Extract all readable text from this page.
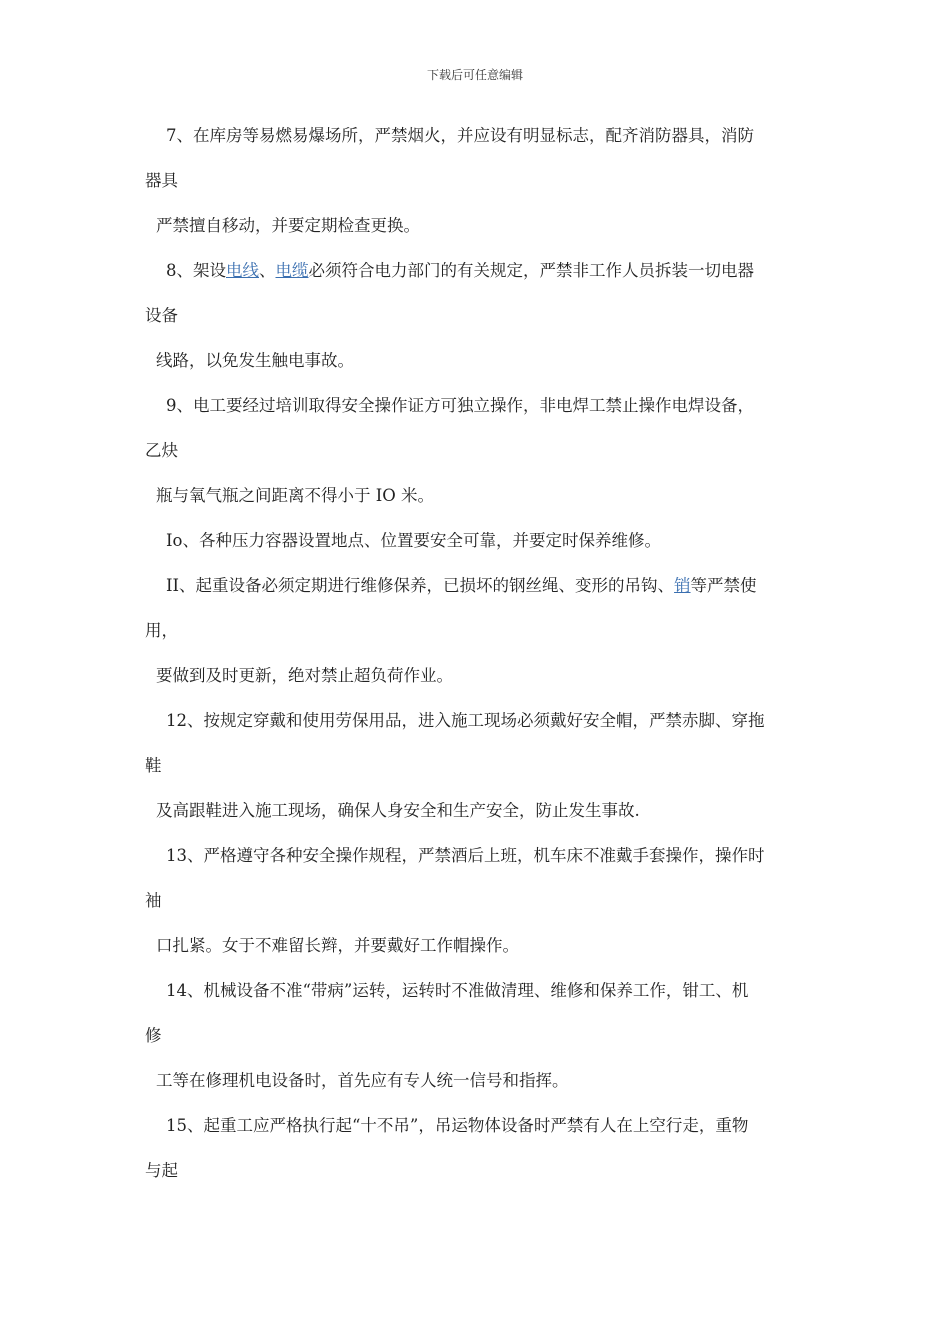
下载后可任意编辑
7、在库房等易燃易爆场所，严禁烟火，并应设有明显标志，配齐消防器具，消防
器具
严禁擅自移动，并要定期检查更换。
8、架设电线、电缆必须符合电力部门的有关规定，严禁非工作人员拆装一切电器
设备
线路，以免发生触电事故。
9、电工要经过培训取得安全操作证方可独立操作，非电焊工禁止操作电焊设备，
乙炔
瓶与氧气瓶之间距离不得小于 IO 米。
Io、各种压力容器设置地点、位置要安全可靠，并要定时保养维修。
II、起重设备必须定期进行维修保养，已损坏的钢丝绳、变形的吊钩、销等严禁使
用，
要做到及时更新，绝对禁止超负荷作业。
12、按规定穿戴和使用劳保用品，进入施工现场必须戴好安全帽，严禁赤脚、穿拖
鞋
及高跟鞋进入施工现场，确保人身安全和生产安全，防止发生事故.
13、严格遵守各种安全操作规程，严禁酒后上班，机车床不准戴手套操作，操作时
袖
口扎紧。女于不难留长辫，并要戴好工作帽操作。
14、机械设备不准“带病”运转，运转时不准做清理、维修和保养工作，钳工、机
修
工等在修理机电设备时，首先应有专人统一信号和指挥。
15、起重工应严格执行起“十不吊”，吊运物体设备时严禁有人在上空行走，重物
与起
